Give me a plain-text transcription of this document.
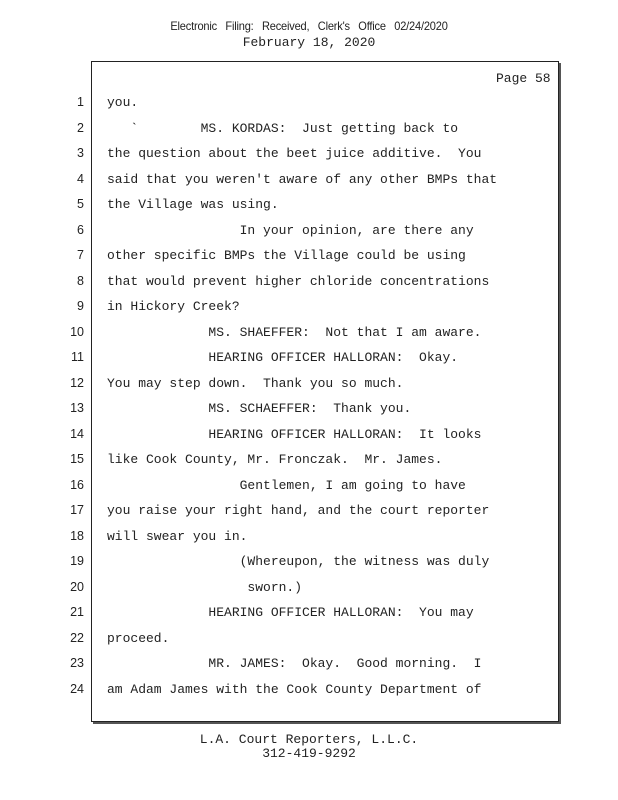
Electronic Filing: Received, Clerk's Office 02/24/2020
February 18, 2020
Page 58
1 you.
2 `        MS. KORDAS:  Just getting back to
3 the question about the beet juice additive.  You
4 said that you weren't aware of any other BMPs that
5 the Village was using.
6 In your opinion, are there any
7 other specific BMPs the Village could be using
8 that would prevent higher chloride concentrations
9 in Hickory Creek?
10 MS. SHAEFFER:  Not that I am aware.
11 HEARING OFFICER HALLORAN:  Okay.
12 You may step down.  Thank you so much.
13 MS. SCHAEFFER:  Thank you.
14 HEARING OFFICER HALLORAN:  It looks
15 like Cook County, Mr. Fronczak.  Mr. James.
16 Gentlemen, I am going to have
17 you raise your right hand, and the court reporter
18 will swear you in.
19 (Whereupon, the witness was duly
20 sworn.)
21 HEARING OFFICER HALLORAN:  You may
22 proceed.
23 MR. JAMES:  Okay.  Good morning.  I
24 am Adam James with the Cook County Department of
L.A. Court Reporters, L.L.C.
312-419-9292
